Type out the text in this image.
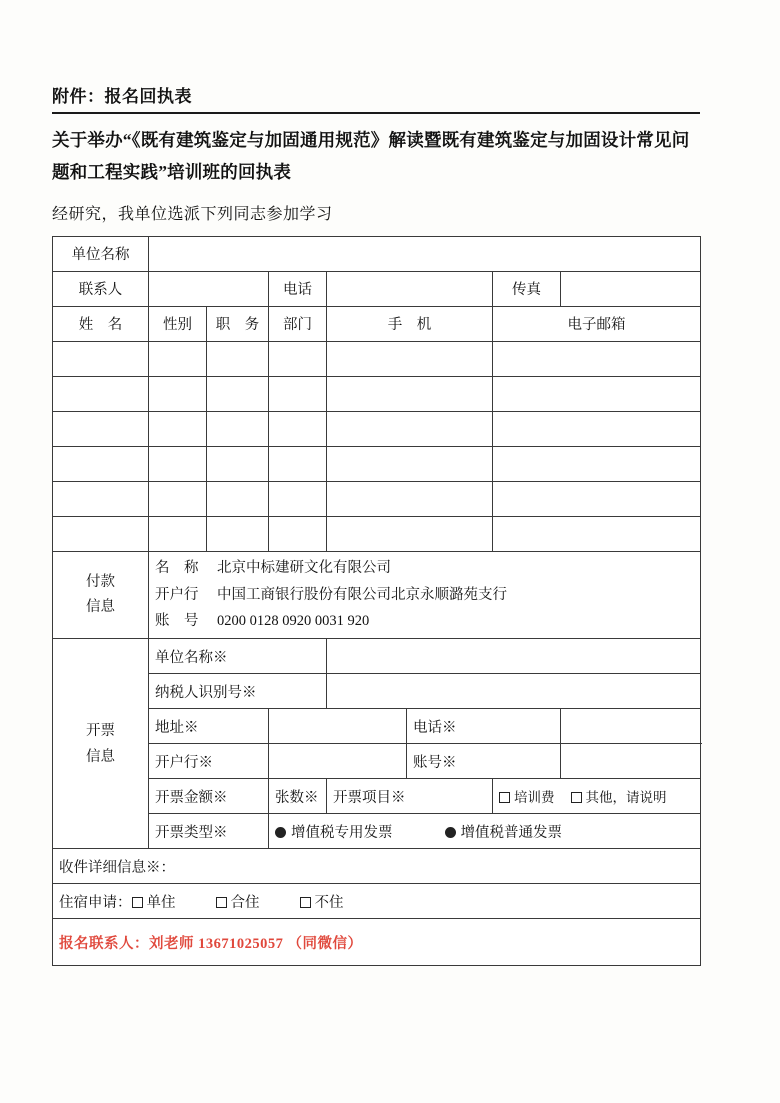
附件：报名回执表
关于举办“《既有建筑鉴定与加固通用规范》解读暨既有建筑鉴定与加固设计常见问题和工程实践”培训班的回执表
经研究，我单位选派下列同志参加学习
单位名称							
联系人			电话			传真	
姓　名	性别	职　务	部门	手　机		电子邮箱	

付款
信息

名　称 北京中标建研文化有限公司
开户行 中国工商银行股份有限公司北京永顺潞苑支行
账　号 0200 0128 0920 0031 920

开票
信息	单位名称※						
	纳税人识别号※						
	地址※				电话※		
	开户行※				账号※		
	开票金额※		张数※	开票项目※		培训费 其他，请说明	
	开票类型※		增值税专用发票 增值税普通发票				
收件详细信息※：							
住宿申请： 单住 合住 不住							
报名联系人：刘老师 13671025057 （同微信）							
